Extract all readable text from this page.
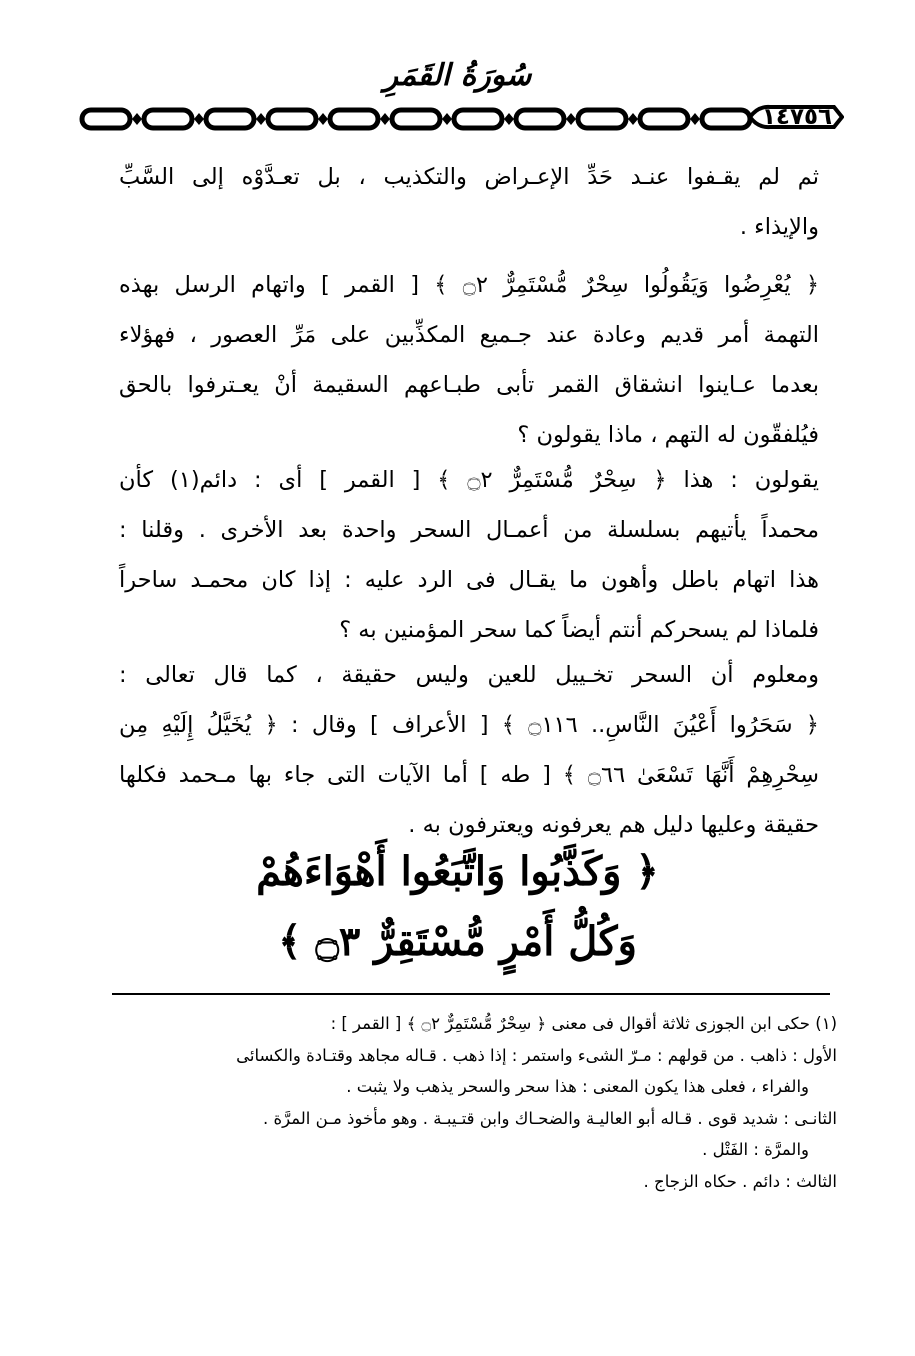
سُورَةُ القَمَرِ
١٤٧٥٦
ثم لم يقـفوا عنـد حَدِّ الإعـراض والتكذيب ، بل تعـدَّوْه إلى السَّبِّ
والإيذاء .
﴿ يُعْرِضُوا وَيَقُولُوا سِحْرٌ مُّسْتَمِرٌّ ۝٢ ﴾ [ القمر ] واتهام الرسل بهذه
التهمة أمر قديم وعادة عند جـميع المكذِّبين على مَرِّ العصور ، فهؤلاء
بعدما عـاينوا انشقاق القمر تأبى طبـاعهم السقيمة أنْ يعـترفوا بالحق
فيُلفقّون له التهم ، ماذا يقولون ؟
يقولون : هذا ﴿ سِحْرٌ مُّسْتَمِرٌّ ۝٢ ﴾ [ القمر ] أى : دائم(١) كأن
محمداً يأتيهم بسلسلة من أعمـال السحر واحدة بعد الأخرى . وقلنا :
هذا اتهام باطل وأهون ما يقـال فى الرد عليه : إذا كان محمـد ساحراً
فلماذا لم يسحركم أنتم أيضاً كما سحر المؤمنين به ؟
ومعلوم أن السحر تخـييل للعين وليس حقيقة ، كما قال تعالى :
﴿ سَحَرُوا أَعْيُنَ النَّاسِ.. ۝١١٦ ﴾ [ الأعراف ] وقال : ﴿ يُخَيَّلُ إِلَيْهِ مِن
سِحْرِهِمْ أَنَّهَا تَسْعَىٰ ۝٦٦ ﴾ [ طه ] أما الآيات التى جاء بها مـحمد فكلها
حقيقة وعليها دليل هم يعرفونه ويعترفون به .
﴿ وَكَذَّبُوا وَاتَّبَعُوا أَهْوَاءَهُمْ
وَكُلُّ أَمْرٍ مُّسْتَقِرٌّ ۝٣ ﴾
(١) حكى ابن الجوزى ثلاثة أقوال فى معنى ﴿ سِحْرٌ مُّسْتَمِرٌّ ۝٢ ﴾ [ القمر ] :
الأول : ذاهب . من قولهم : مـرّ الشىء واستمر : إذا ذهب . قـاله مجاهد وقتـادة والكسائى
والفراء ، فعلى هذا يكون المعنى : هذا سحر والسحر يذهب ولا يثبت .
الثانـى : شديد قوى . قـاله أبو العاليـة والضحـاك وابن قتـيبـة . وهو مأخوذ مـن المرَّة .
والمرَّة : الفَتْل .
الثالث : دائم . حكاه الزجاج .
